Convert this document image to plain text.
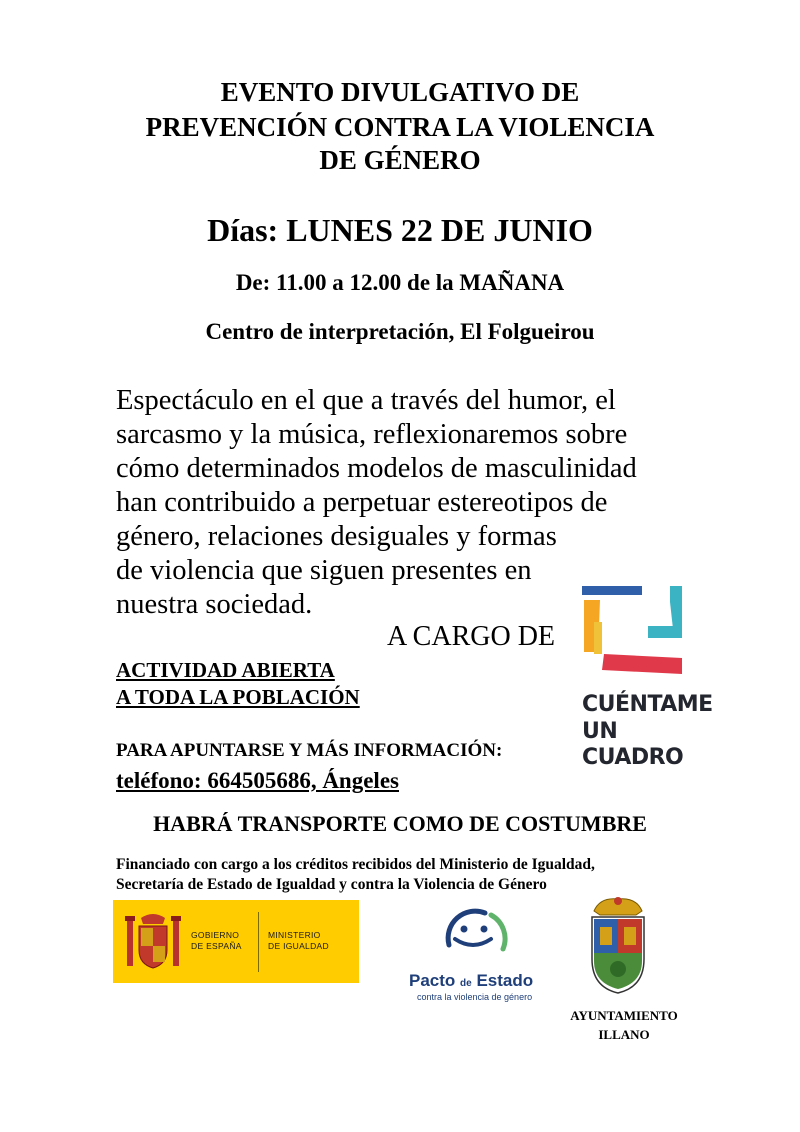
EVENTO DIVULGATIVO DE
PREVENCIÓN CONTRA LA VIOLENCIA
DE GÉNERO
Días: LUNES 22 DE JUNIO
De: 11.00 a 12.00 de la MAÑANA
Centro de interpretación, El Folgueirou
Espectáculo en el que a través del humor, el
sarcasmo y la música, reflexionaremos sobre
cómo determinados modelos de masculinidad
han contribuido a perpetuar estereotipos de
género, relaciones desiguales y formas
de violencia que siguen presentes en
nuestra sociedad.
A CARGO DE
CUÉNTAME
UN CUADRO
ACTIVIDAD ABIERTA
A TODA LA POBLACIÓN
PARA APUNTARSE Y MÁS INFORMACIÓN:
teléfono: 664505686, Ángeles
HABRÁ TRANSPORTE COMO DE COSTUMBRE
Financiado con cargo a los créditos recibidos del Ministerio de Igualdad,
Secretaría de Estado de Igualdad y contra la Violencia de Género
GOBIERNO
DE ESPAÑA
MINISTERIO
DE IGUALDAD
Pacto de Estado
contra la violencia de género
AYUNTAMIENTO
ILLANO
